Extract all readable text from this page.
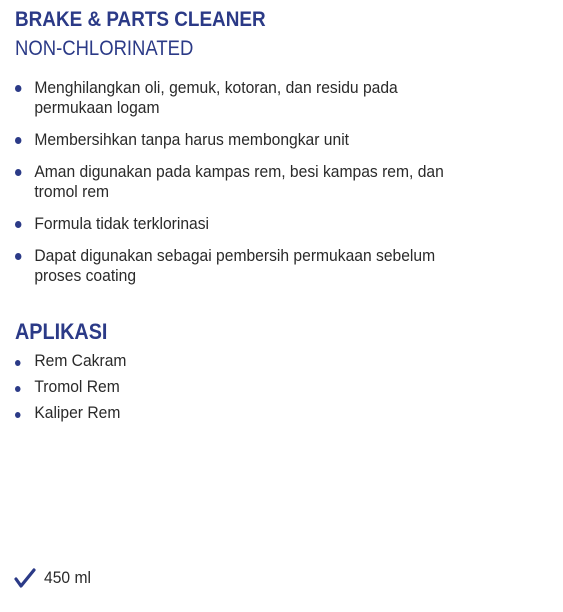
BRAKE & PARTS CLEANER
NON-CHLORINATED
Menghilangkan oli, gemuk, kotoran, dan residu pada permukaan logam
Membersihkan tanpa harus membongkar unit
Aman digunakan pada kampas rem, besi kampas rem, dan tromol rem
Formula tidak terklorinasi
Dapat digunakan sebagai pembersih permukaan sebelum proses coating
APLIKASI
Rem Cakram
Tromol Rem
Kaliper Rem
450 ml
